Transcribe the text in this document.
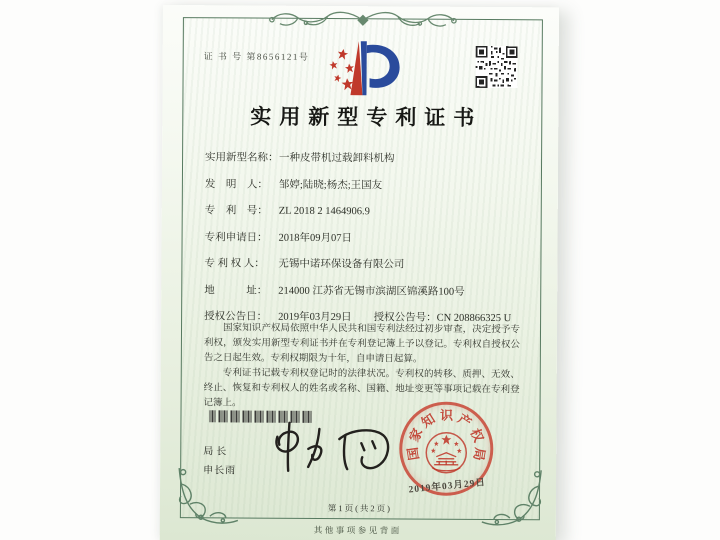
证 书 号 第8656121号
实用新型专利证书
实用新型名称：一种皮带机过载卸料机构
发　明　人： 邹婷;陆晓;杨杰;王国友
专　利　号： ZL 2018 2 1464906.9
专利申请日： 2018年09月07日
专 利 权 人： 无锡中诺环保设备有限公司
地　　　址： 214000 江苏省无锡市滨湖区锦溪路100号
授权公告日： 2019年03月29日 授权公告号：CN 208866325 U

国家知识产权局依照中华人民共和国专利法经过初步审查，决定授予专利权，颁发实用新型专利证书并在专利登记簿上予以登记。专利权自授权公告之日起生效。专利权期限为十年，自申请日起算。

专利证书记载专利权登记时的法律状况。专利权的转移、质押、无效、终止、恢复和专利权人的姓名或名称、国籍、地址变更等事项记载在专利登记簿上。

局长
申长雨
国
家
知 识 产
权
局
2019年03月29日
第1页(共2页)
其他事项参见背面
